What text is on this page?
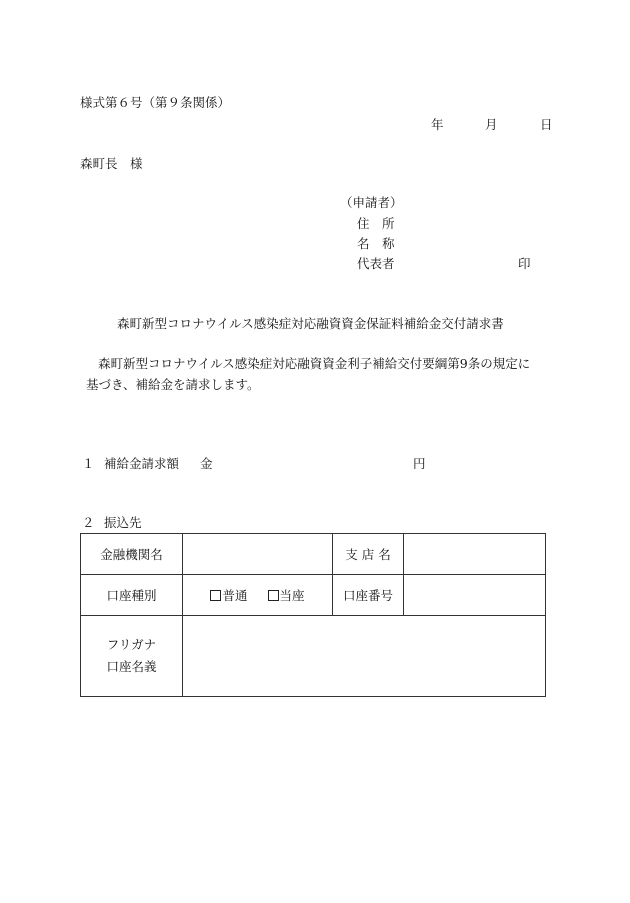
様式第６号（第９条関係）
年	月	日
森町長　様
（申請者）
住　所
名　称
代表者	印
森町新型コロナウイルス感染症対応融資資金保証料補給金交付請求書
森町新型コロナウイルス感染症対応融資資金利子補給交付要綱第9条の規定に
基づき、補給金を請求します。
１ 補給金請求額 金	円
２ 振込先
金融機関名		支 店 名	
口座種別	普通 当座	口座番号	
フリガナ
口座名義			
